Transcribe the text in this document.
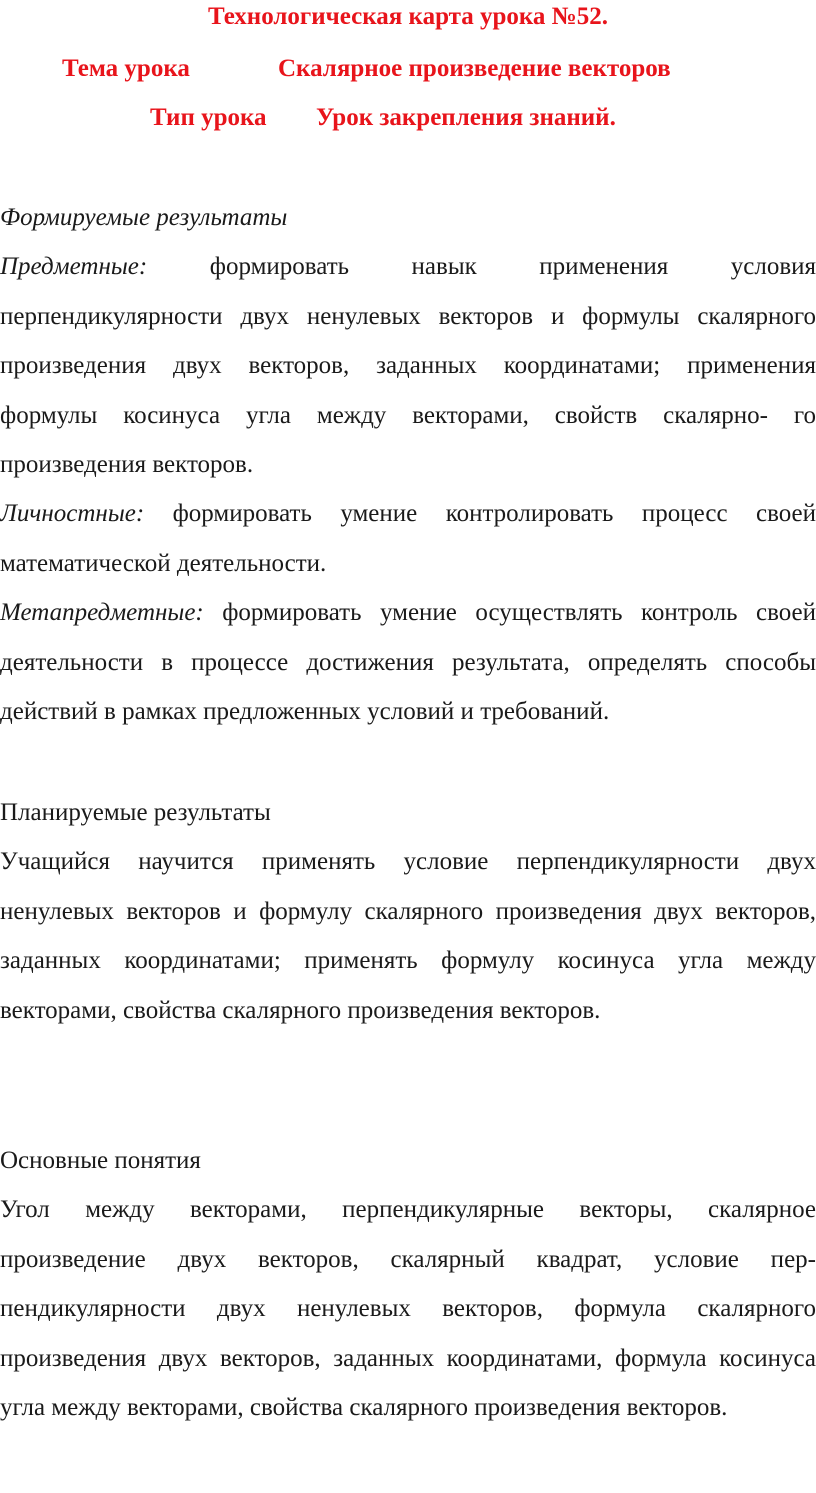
Технологическая карта урока №52.

Тема урока	Скалярное произведение векторов
Тип урока Урок закрепления знаний.

Формируемые результаты

Предметные:	формировать навык применения условия перпендикулярности двух ненулевых векторов и формулы скалярного произведения двух векторов, заданных координатами; применения формулы косинуса угла между векторами, свойств скалярно- го произведения векторов.

Личностные: формировать умение контролировать процесс своей математической деятельности.

Метапредметные: формировать умение осуществлять контроль своей деятельности в процессе достижения результата, определять способы действий в рамках предложенных условий и требований.

Планируемые результаты

Учащийся научится применять условие перпендикулярности двух ненулевых векторов и формулу скалярного произведения двух векторов, заданных координатами; применять формулу косинуса угла между векторами, свойства скалярного произведения векторов.

Основные понятия

Угол между векторами, перпендикулярные векторы, скалярное произведение двух векторов, скалярный квадрат, условие пер- пендикулярности двух ненулевых векторов, формула скалярного произведения двух векторов, заданных координатами, формула косинуса угла между векторами, свойства скалярного произведения векторов.
